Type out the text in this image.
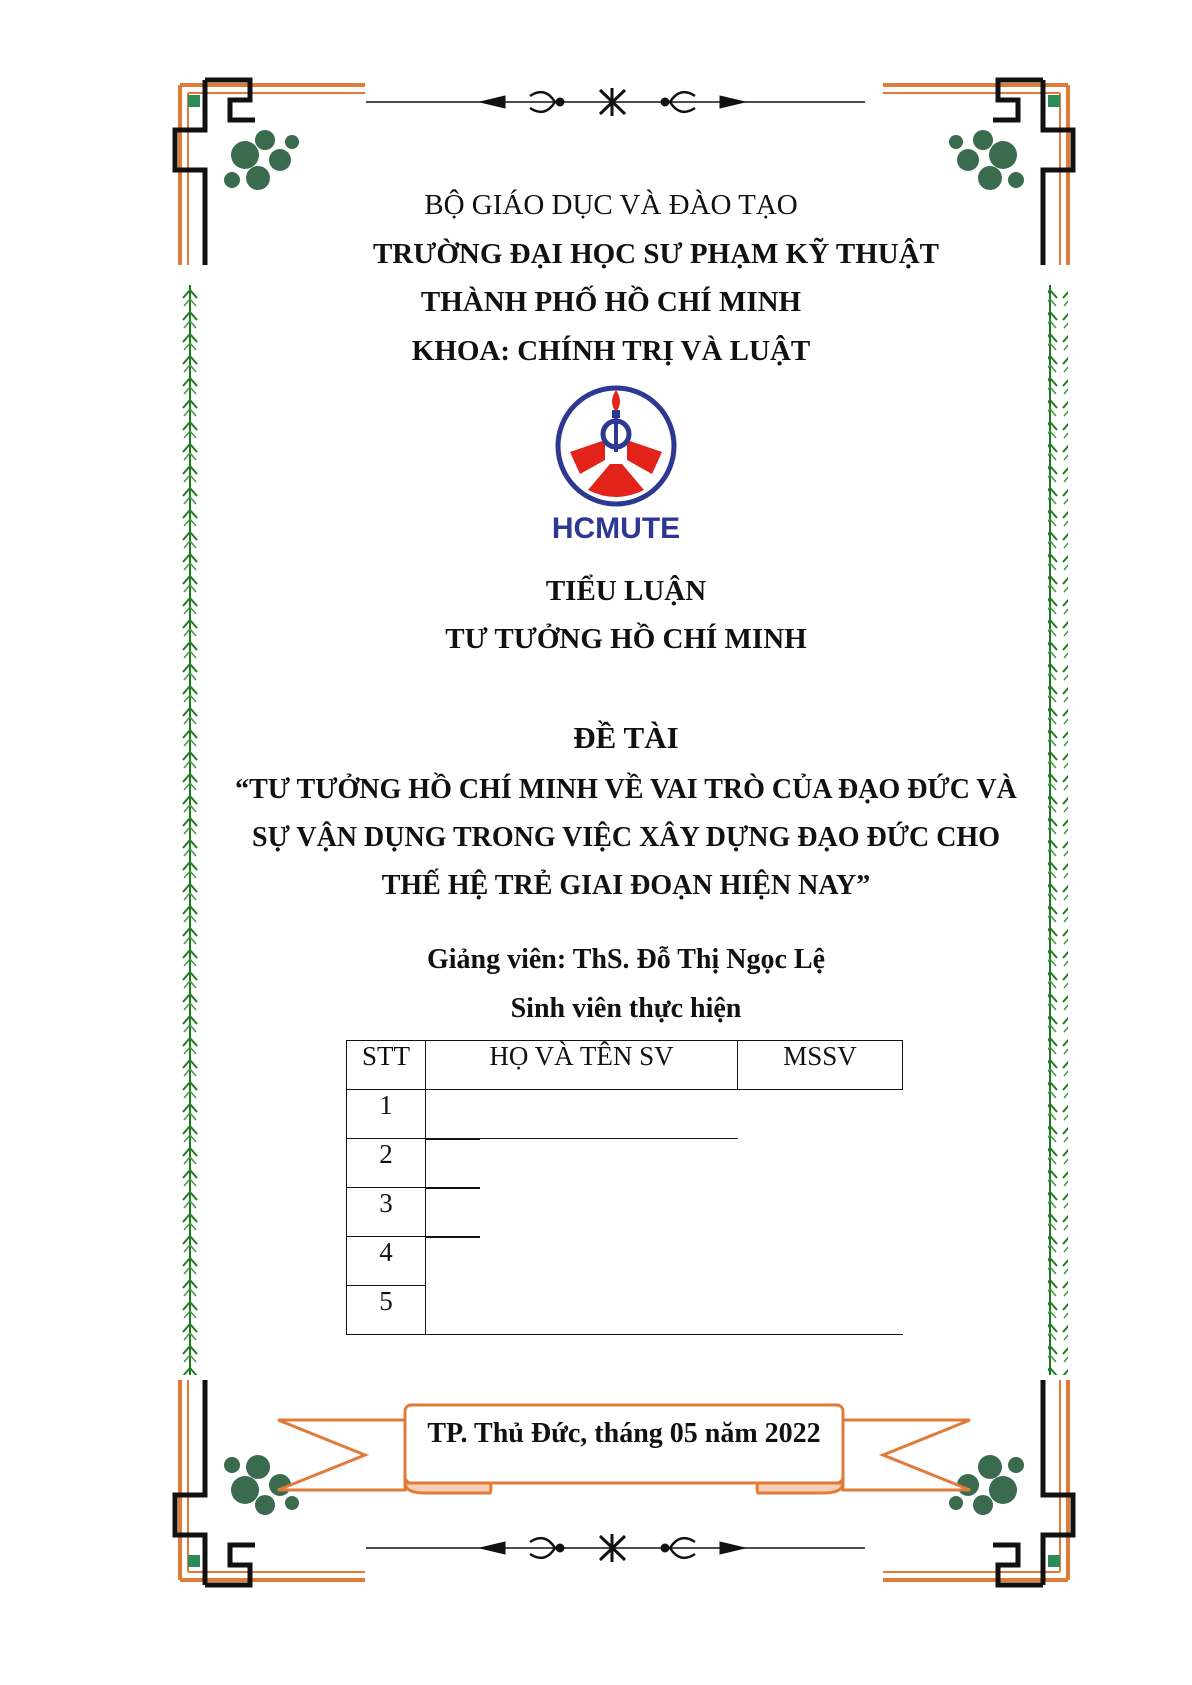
BỘ GIÁO DỤC VÀ ĐÀO TẠO
TRƯỜNG ĐẠI HỌC SƯ PHẠM KỸ THUẬT
THÀNH PHỐ HỒ CHÍ MINH
KHOA: CHÍNH TRỊ VÀ LUẬT
HCMUTE
TIỂU LUẬN
TƯ TƯỞNG HỒ CHÍ MINH
ĐỀ TÀI
“TƯ TƯỞNG HỒ CHÍ MINH VỀ VAI TRÒ CỦA ĐẠO ĐỨC VÀ
SỰ VẬN DỤNG TRONG VIỆC XÂY DỰNG ĐẠO ĐỨC CHO
THẾ HỆ TRẺ GIAI ĐOẠN HIỆN NAY”
Giảng viên: ThS. Đỗ Thị Ngọc Lệ
Sinh viên thực hiện
STT	HỌ VÀ TÊN SV	MSSV
1		
2		
3		
4		
5		
TP. Thủ Đức, tháng 05 năm 2022
